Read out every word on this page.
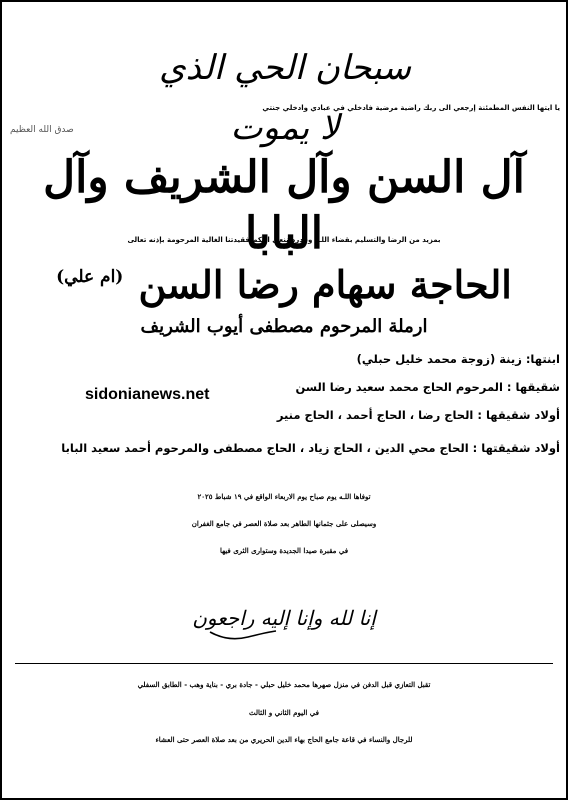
سبحان الحي الذي لا يموت
يا ايتها النفس المطمئنة إرجعي الى ربك راضية مرضية فادخلي في عبادي وادخلي جنتي
صدق الله العظيم
آل السن وآل الشريف وآل البابا
بمزيد من الرضا والتسليم بقضاء اللـه وقدره ننعي اليكم فقيدتنا الغالية المرحومة بإذنه تعالى
الحاجة سهام رضا السن (ام علي)
ارملة المرحوم مصطفى أيوب الشريف
ابنتها:زينة (زوجة محمد خليل حبلي)
شقيقها :المرحوم الحاج محمد سعيد رضا السن
أولاد شقيقها :الحاج رضا ، الحاج أحمد ، الحاج منير
أولاد شقيقتها :الحاج محي الدين ، الحاج زياد ، الحاج مصطفى والمرحوم أحمد سعيد البابا
sidonianews.net
توفاها اللـه يوم صباح يوم الاربعاء الواقع في ١٩ شباط ٢٠٢٥
وسيصلى على جثمانها الطاهر بعد صلاة العصر في جامع الغفران
في مقبرة صيدا الجديدة وستوارى الثرى فيها
إنا لله وإنا إليه راجعون
تقبل التعازي قبل الدفن في منزل صهرها محمد خليل حبلي - جادة بري - بناية وهب - الطابق السفلي
في اليوم الثاني و الثالث
للرجال والنساء في قاعة جامع الحاج بهاء الدين الحريري من بعد صلاة العصر حتى العشاء
